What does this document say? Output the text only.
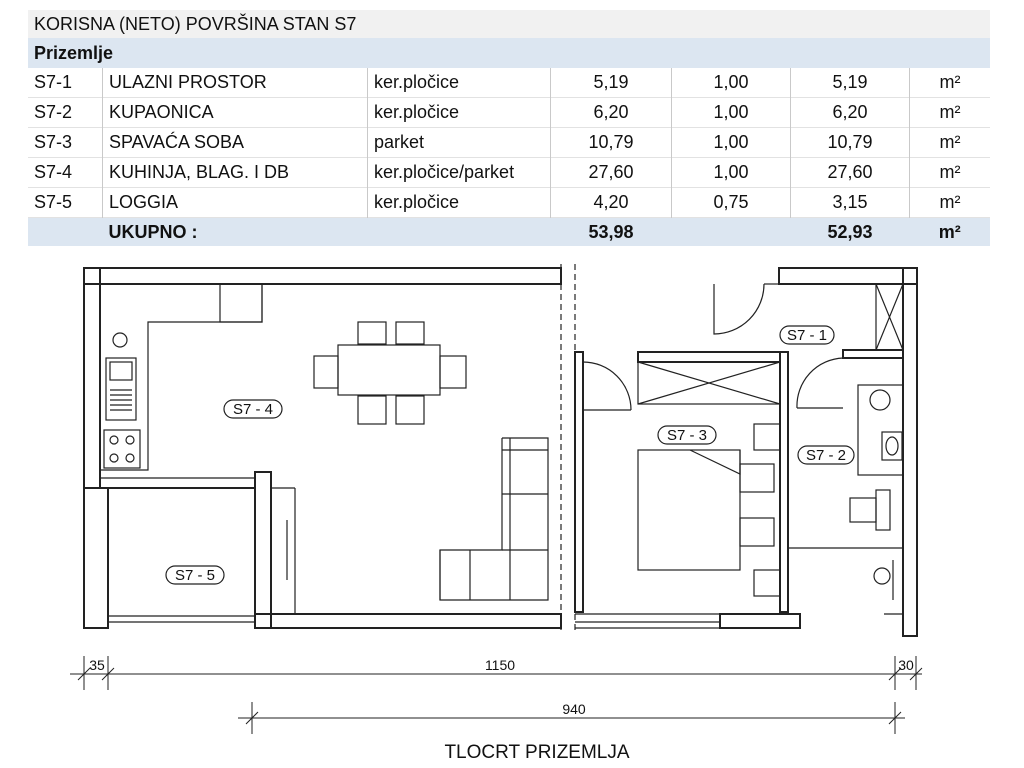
KORISNA (NETO) POVRŠINA STAN S7						
Prizemlje						
S7-1	ULAZNI PROSTOR	ker.pločice	5,19	1,00	5,19	m²
S7-2	KUPAONICA	ker.pločice	6,20	1,00	6,20	m²
S7-3	SPAVAĆA SOBA	parket	10,79	1,00	10,79	m²
S7-4	KUHINJA, BLAG. I DB	ker.pločice/parket	27,60	1,00	27,60	m²
S7-5	LOGGIA	ker.pločice	4,20	0,75	3,15	m²
	UKUPNO :		53,98		52,93	m²
S7 - 1
S7 - 2
S7 - 3
S7 - 4
S7 - 5
35	1150	30
940
TLOCRT PRIZEMLJA
